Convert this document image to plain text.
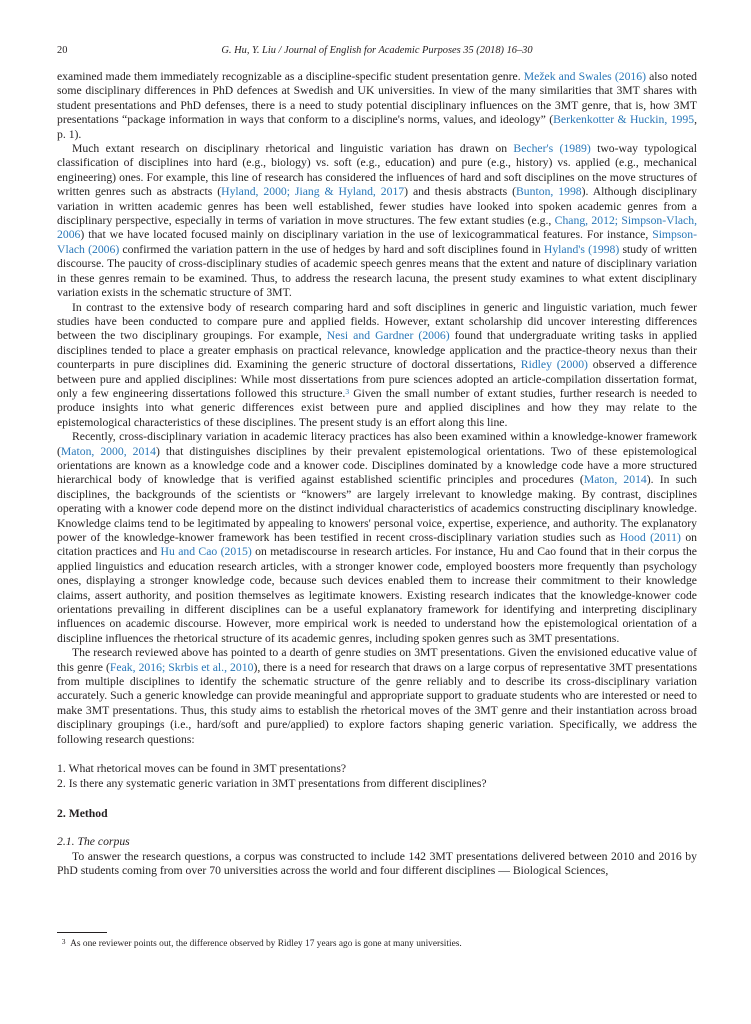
20	G. Hu, Y. Liu / Journal of English for Academic Purposes 35 (2018) 16–30

examined made them immediately recognizable as a discipline-specific student presentation genre. Mežek and Swales (2016) also noted some disciplinary differences in PhD defences at Swedish and UK universities. In view of the many similarities that 3MT shares with student presentations and PhD defenses, there is a need to study potential disciplinary influences on the 3MT genre, that is, how 3MT presentations “package information in ways that conform to a discipline's norms, values, and ideology” (Berkenkotter & Huckin, 1995, p. 1).

Much extant research on disciplinary rhetorical and linguistic variation has drawn on Becher's (1989) two-way typological classification of disciplines into hard (e.g., biology) vs. soft (e.g., education) and pure (e.g., history) vs. applied (e.g., mechanical engineering) ones. For example, this line of research has considered the influences of hard and soft disciplines on the move structures of written genres such as abstracts (Hyland, 2000; Jiang & Hyland, 2017) and thesis abstracts (Bunton, 1998). Although disciplinary variation in written academic genres has been well established, fewer studies have looked into spoken academic genres from a disciplinary perspective, especially in terms of variation in move structures. The few extant studies (e.g., Chang, 2012; Simpson-Vlach, 2006) that we have located focused mainly on disciplinary variation in the use of lexicogrammatical features. For instance, Simpson-Vlach (2006) confirmed the variation pattern in the use of hedges by hard and soft disciplines found in Hyland's (1998) study of written discourse. The paucity of cross-disciplinary studies of academic speech genres means that the extent and nature of disciplinary variation in these genres remain to be examined. Thus, to address the research lacuna, the present study examines to what extent disciplinary variation exists in the schematic structure of 3MT.

In contrast to the extensive body of research comparing hard and soft disciplines in generic and linguistic variation, much fewer studies have been conducted to compare pure and applied fields. However, extant scholarship did uncover interesting differences between the two disciplinary groupings. For example, Nesi and Gardner (2006) found that undergraduate writing tasks in applied disciplines tended to place a greater emphasis on practical relevance, knowledge application and the practice-theory nexus than their counterparts in pure disciplines did. Examining the generic structure of doctoral dissertations, Ridley (2000) observed a difference between pure and applied disciplines: While most dissertations from pure sciences adopted an article-compilation dissertation format, only a few engineering dissertations followed this structure.$^3$ Given the small number of extant studies, further research is needed to produce insights into what generic differences exist between pure and applied disciplines and how they may relate to the epistemological characteristics of these disciplines. The present study is an effort along this line.

Recently, cross-disciplinary variation in academic literacy practices has also been examined within a knowledge-knower framework (Maton, 2000, 2014) that distinguishes disciplines by their prevalent epistemological orientations. Two of these epistemological orientations are known as a knowledge code and a knower code. Disciplines dominated by a knowledge code have a more structured hierarchical body of knowledge that is verified against established scientific principles and procedures (Maton, 2014). In such disciplines, the backgrounds of the scientists or “knowers” are largely irrelevant to knowledge making. By contrast, disciplines operating with a knower code depend more on the distinct individual characteristics of academics constructing disciplinary knowledge. Knowledge claims tend to be legitimated by appealing to knowers' personal voice, expertise, experience, and authority. The explanatory power of the knowledge-knower framework has been testified in recent cross-disciplinary variation studies such as Hood (2011) on citation practices and Hu and Cao (2015) on metadiscourse in research articles. For instance, Hu and Cao found that in their corpus the applied linguistics and education research articles, with a stronger knower code, employed boosters more frequently than psychology ones, displaying a stronger knowledge code, because such devices enabled them to increase their commitment to their knowledge claims, assert authority, and position themselves as legitimate knowers. Existing research indicates that the knowledge-knower code orientations prevailing in different disciplines can be a useful explanatory framework for identifying and interpreting disciplinary influences on academic discourse. However, more empirical work is needed to understand how the epistemological orientation of a discipline influences the rhetorical structure of its academic genres, including spoken genres such as 3MT presentations.

The research reviewed above has pointed to a dearth of genre studies on 3MT presentations. Given the envisioned educative value of this genre (Feak, 2016; Skrbis et al., 2010), there is a need for research that draws on a large corpus of representative 3MT presentations from multiple disciplines to identify the schematic structure of the genre reliably and to describe its cross-disciplinary variation accurately. Such a generic knowledge can provide meaningful and appropriate support to graduate students who are interested or need to make 3MT presentations. Thus, this study aims to establish the rhetorical moves of the 3MT genre and their instantiation across broad disciplinary groupings (i.e., hard/soft and pure/applied) to explore factors shaping generic variation. Specifically, we address the following research questions:

1. What rhetorical moves can be found in 3MT presentations?
2. Is there any systematic generic variation in 3MT presentations from different disciplines?
2. Method
2.1. The corpus

To answer the research questions, a corpus was constructed to include 142 3MT presentations delivered between 2010 and 2016 by PhD students coming from over 70 universities across the world and four different disciplines — Biological Sciences,

$^3$ As one reviewer points out, the difference observed by Ridley 17 years ago is gone at many universities.
